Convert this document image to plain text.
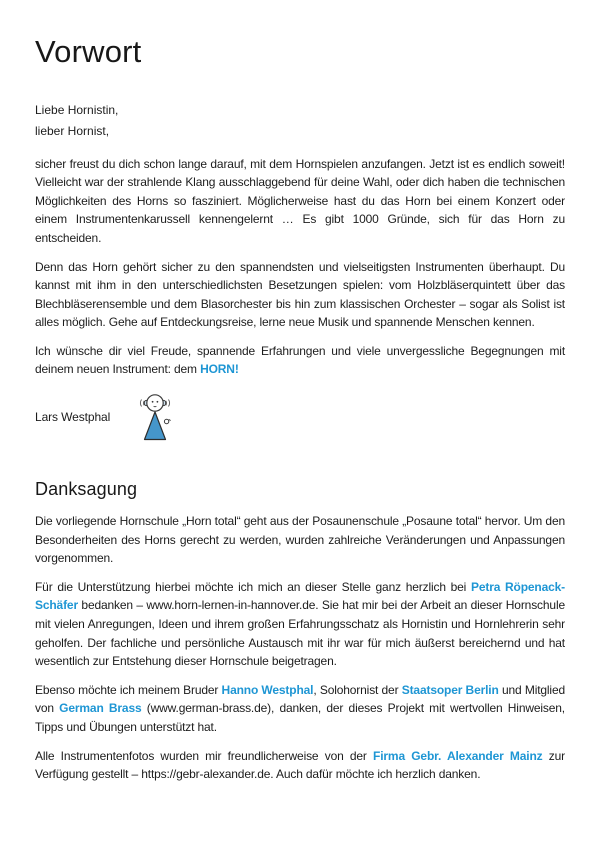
Vorwort
Liebe Hornistin,
lieber Hornist,

sicher freust du dich schon lange darauf, mit dem Hornspielen anzufangen. Jetzt ist es endlich soweit! Vielleicht war der strahlende Klang ausschlaggebend für deine Wahl, oder dich haben die technischen Möglichkeiten des Horns so fasziniert. Möglicherweise hast du das Horn bei einem Konzert oder einem Instrumentenkarussell kennengelernt … Es gibt 1000 Gründe, sich für das Horn zu entscheiden.

Denn das Horn gehört sicher zu den spannendsten und vielseitigsten Instrumenten überhaupt. Du kannst mit ihm in den unterschiedlichsten Besetzungen spielen: vom Holzbläserquintett über das Blechbläserensemble und dem Blasorchester bis hin zum klassischen Orchester – sogar als Solist ist alles möglich. Gehe auf Entdeckungsreise, lerne neue Musik und spannende Menschen kennen.

Ich wünsche dir viel Freude, spannende Erfahrungen und viele unvergessliche Begegnungen mit deinem neuen Instrument: dem HORN!

Lars Westphal
Danksagung

Die vorliegende Hornschule „Horn total“ geht aus der Posaunenschule „Posaune total“ hervor. Um den Besonderheiten des Horns gerecht zu werden, wurden zahlreiche Veränderungen und Anpassungen vorgenommen.

Für die Unterstützung hierbei möchte ich mich an dieser Stelle ganz herzlich bei Petra Röpenack-Schäfer bedanken – www.horn-lernen-in-hannover.de. Sie hat mir bei der Arbeit an dieser Hornschule mit vielen Anregungen, Ideen und ihrem großen Erfahrungsschatz als Hornistin und Hornlehrerin sehr geholfen. Der fachliche und persönliche Austausch mit ihr war für mich äußerst bereichernd und hat wesentlich zur Entstehung dieser Hornschule beigetragen.

Ebenso möchte ich meinem Bruder Hanno Westphal, Solohornist der Staatsoper Berlin und Mitglied von German Brass (www.german-brass.de), danken, der dieses Projekt mit wertvollen Hinweisen, Tipps und Übungen unterstützt hat.

Alle Instrumentenfotos wurden mir freundlicherweise von der Firma Gebr. Alexander Mainz zur Verfügung gestellt – https://gebr-alexander.de. Auch dafür möchte ich herzlich danken.
